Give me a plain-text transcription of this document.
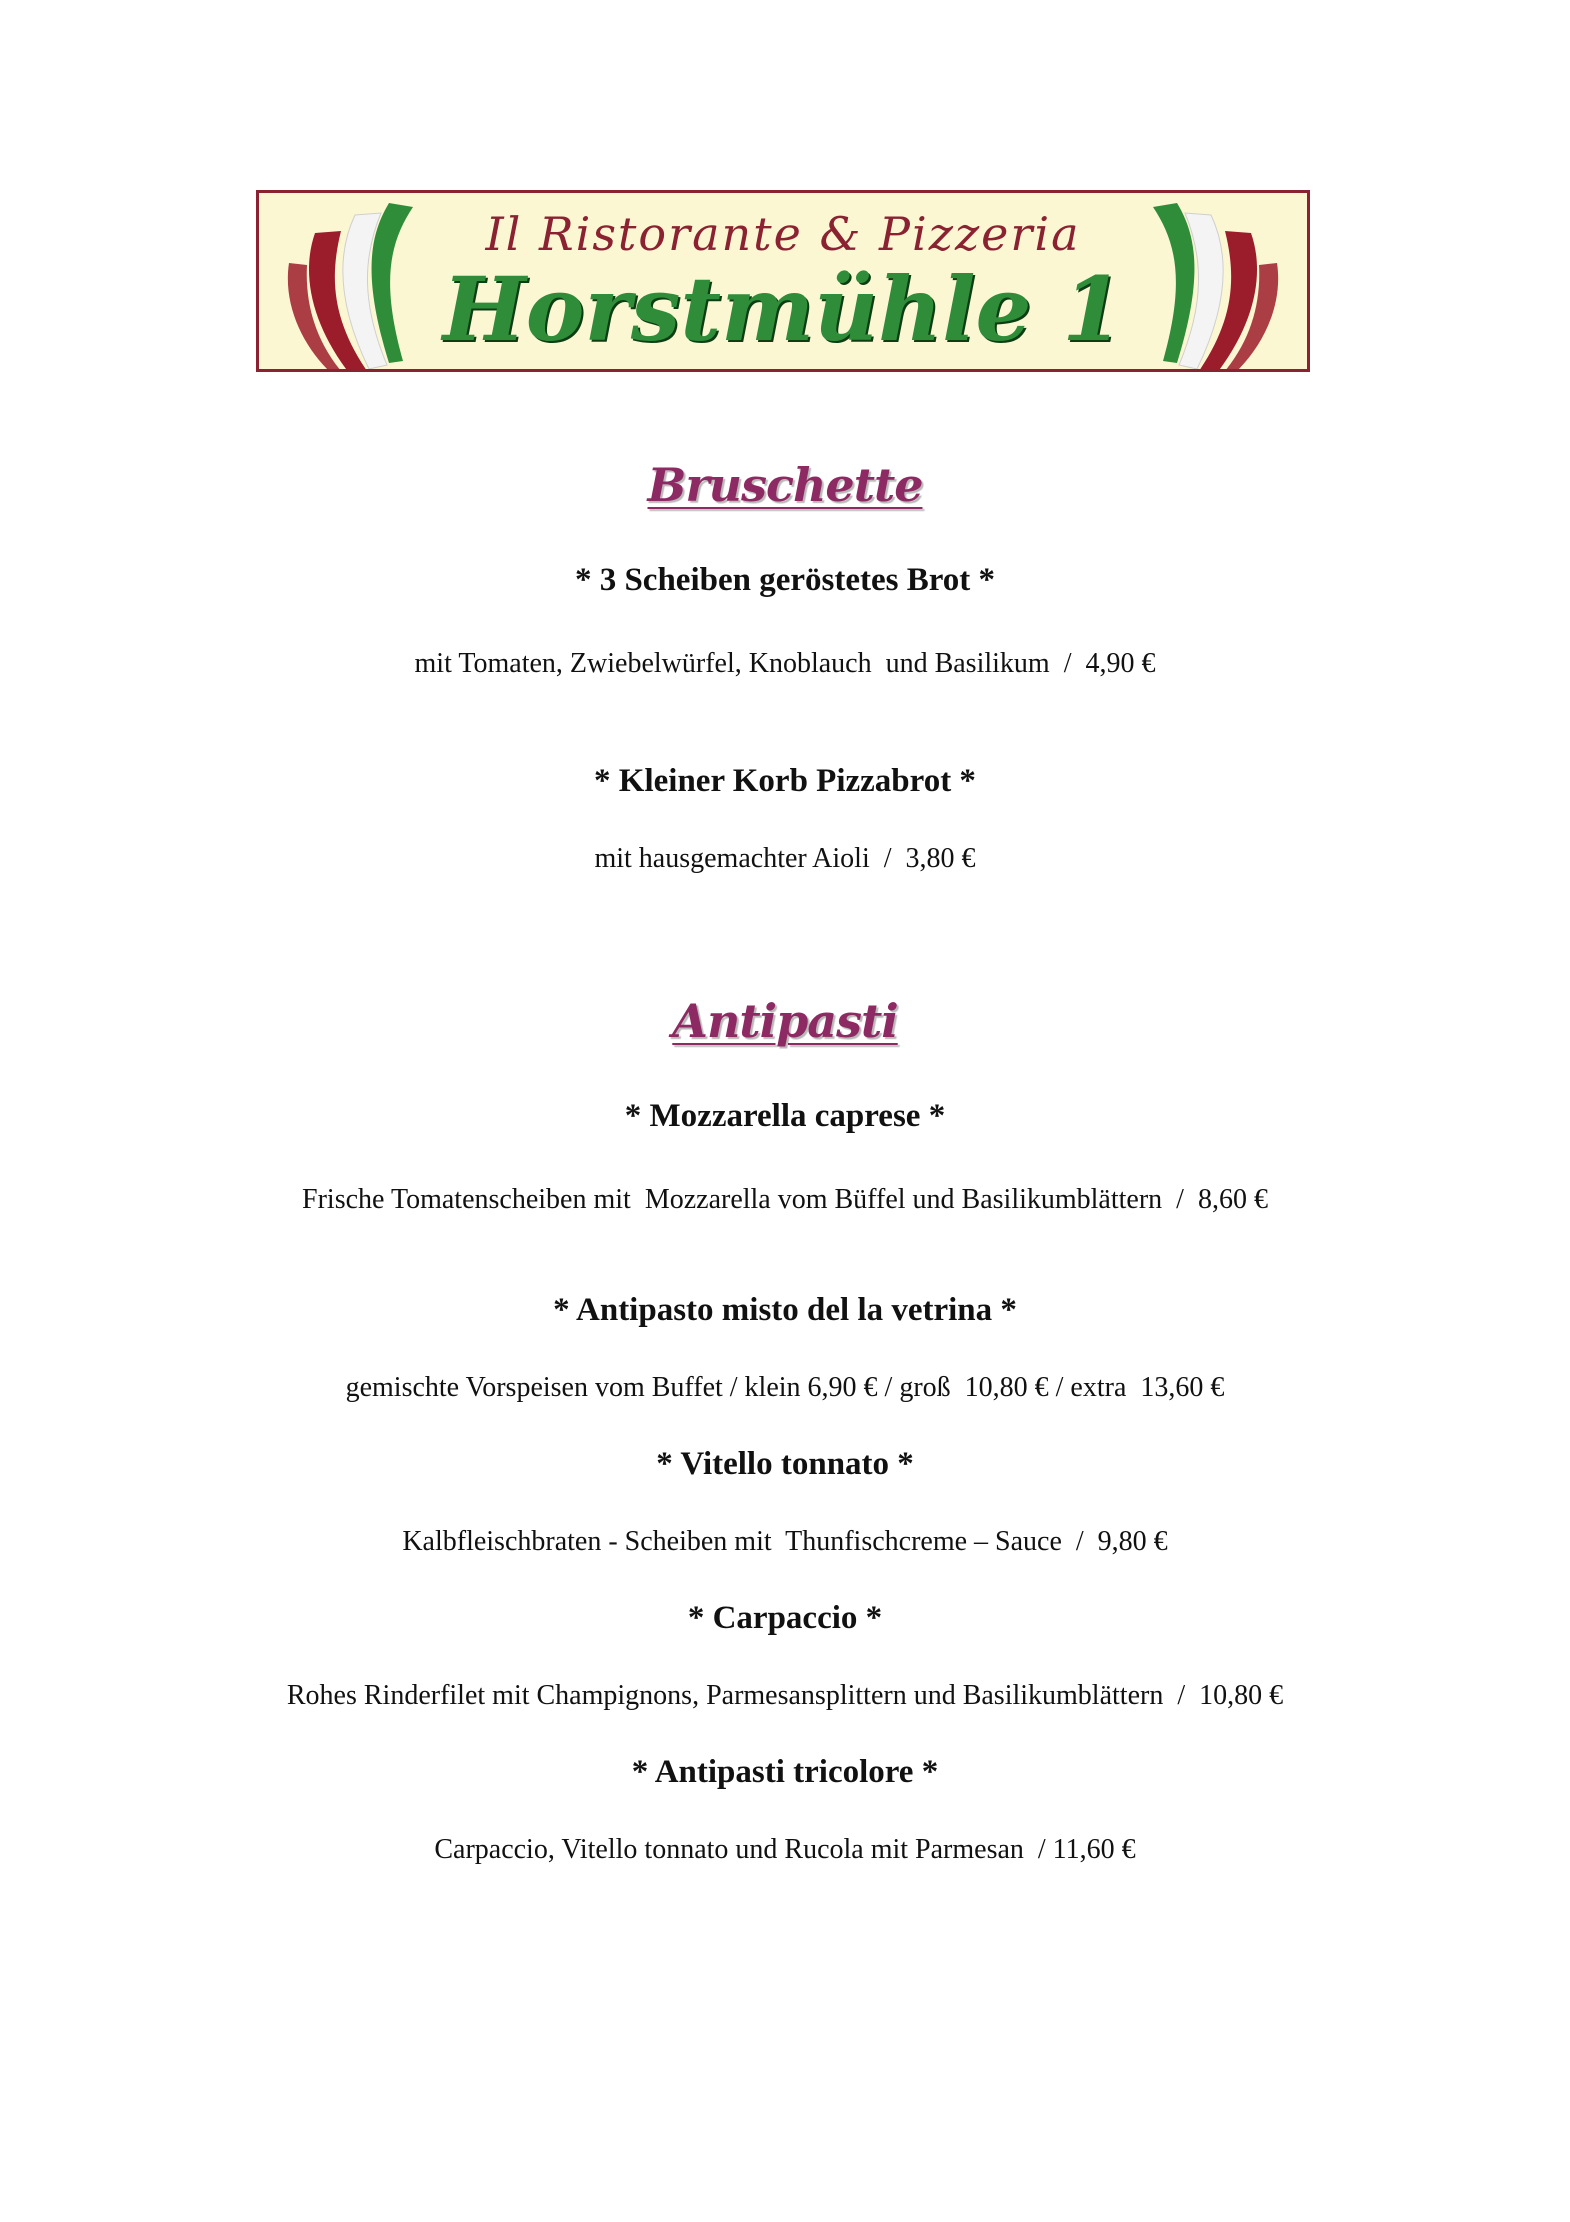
Il Ristorante & Pizzeria
Horstmühle 1
Bruschette
* 3 Scheiben geröstetes Brot *
mit Tomaten, Zwiebelwürfel, Knoblauch  und Basilikum  /  4,90 €
* Kleiner Korb Pizzabrot *
mit hausgemachter Aioli  /  3,80 €
Antipasti
* Mozzarella caprese *
Frische Tomatenscheiben mit  Mozzarella vom Büffel und Basilikumblättern  /  8,60 €
* Antipasto misto del la vetrina *
gemischte Vorspeisen vom Buffet / klein 6,90 € / groß  10,80 € / extra  13,60 €
* Vitello tonnato *
Kalbfleischbraten - Scheiben mit  Thunfischcreme – Sauce  /  9,80 €
* Carpaccio *
Rohes Rinderfilet mit Champignons, Parmesansplittern und Basilikumblättern  /  10,80 €
* Antipasti tricolore *
Carpaccio, Vitello tonnato und Rucola mit Parmesan  / 11,60 €
